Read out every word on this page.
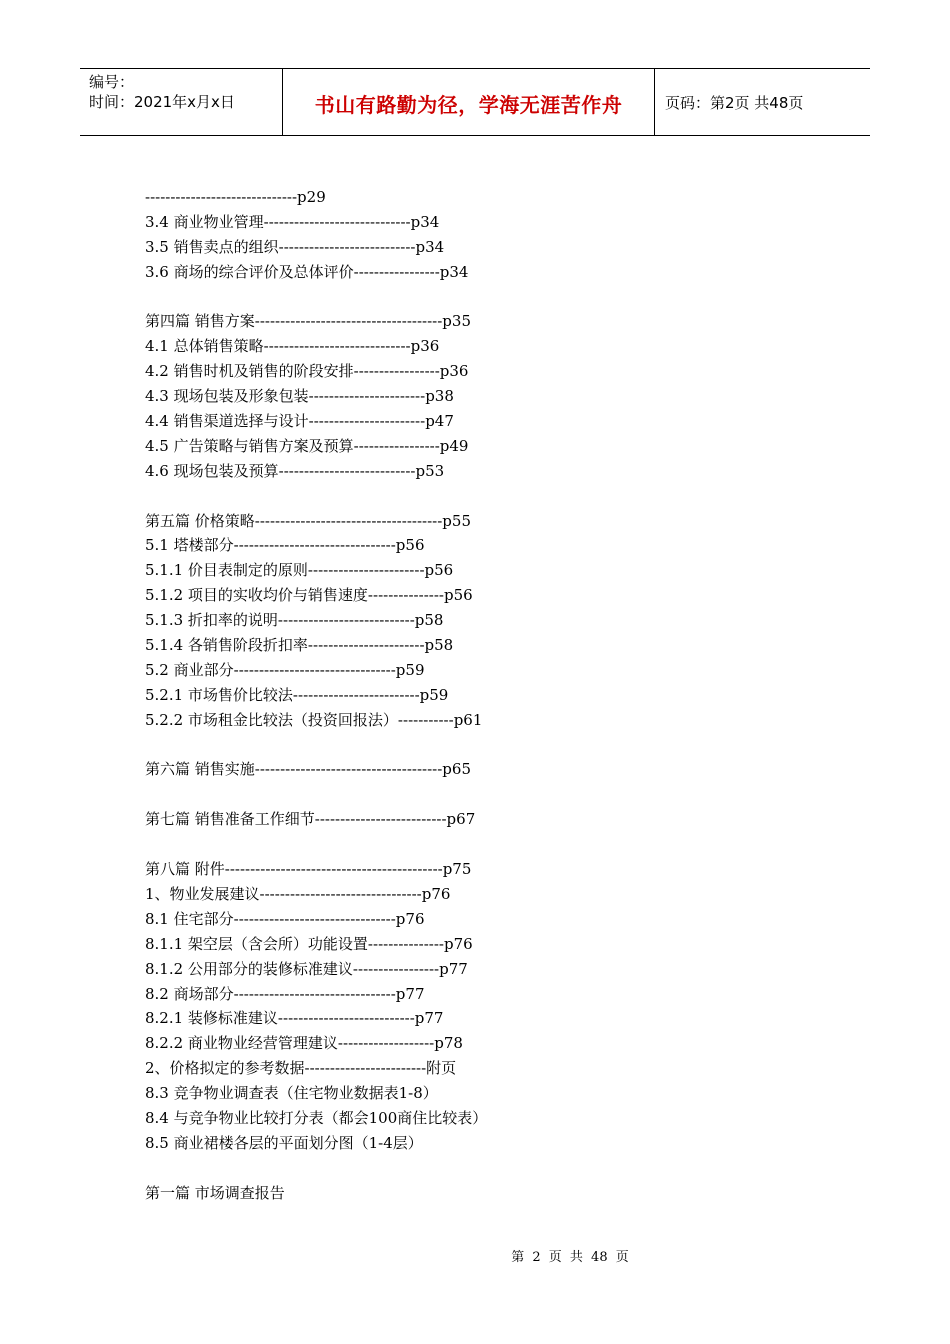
编号：
时间：2021年x月x日	书山有路勤为径，学海无涯苦作舟	页码：第2页 共48页
------------------------------p29
3.4 商业物业管理-----------------------------p34
3.5 销售卖点的组织---------------------------p34
3.6 商场的综合评价及总体评价-----------------p34
第四篇 销售方案-------------------------------------p35
4.1 总体销售策略-----------------------------p36
4.2 销售时机及销售的阶段安排-----------------p36
4.3 现场包装及形象包装-----------------------p38
4.4 销售渠道选择与设计-----------------------p47
4.5 广告策略与销售方案及预算-----------------p49
4.6 现场包装及预算---------------------------p53
第五篇 价格策略-------------------------------------p55
5.1 塔楼部分--------------------------------p56
5.1.1 价目表制定的原则-----------------------p56
5.1.2 项目的实收均价与销售速度---------------p56
5.1.3 折扣率的说明---------------------------p58
5.1.4 各销售阶段折扣率-----------------------p58
5.2 商业部分--------------------------------p59
5.2.1 市场售价比较法-------------------------p59
5.2.2 市场租金比较法（投资回报法）-----------p61
第六篇 销售实施-------------------------------------p65
第七篇 销售准备工作细节--------------------------p67
第八篇 附件-------------------------------------------p75
1、物业发展建议--------------------------------p76
8.1 住宅部分--------------------------------p76
8.1.1 架空层（含会所）功能设置---------------p76
8.1.2 公用部分的装修标准建议-----------------p77
8.2 商场部分--------------------------------p77
8.2.1 装修标准建议---------------------------p77
8.2.2 商业物业经营管理建议-------------------p78
2、价格拟定的参考数据------------------------附页
8.3 竞争物业调查表（住宅物业数据表1-8）
8.4 与竞争物业比较打分表（都会100商住比较表）
8.5 商业裙楼各层的平面划分图（1-4层）
第一篇 市场调查报告
第 2 页 共 48 页
